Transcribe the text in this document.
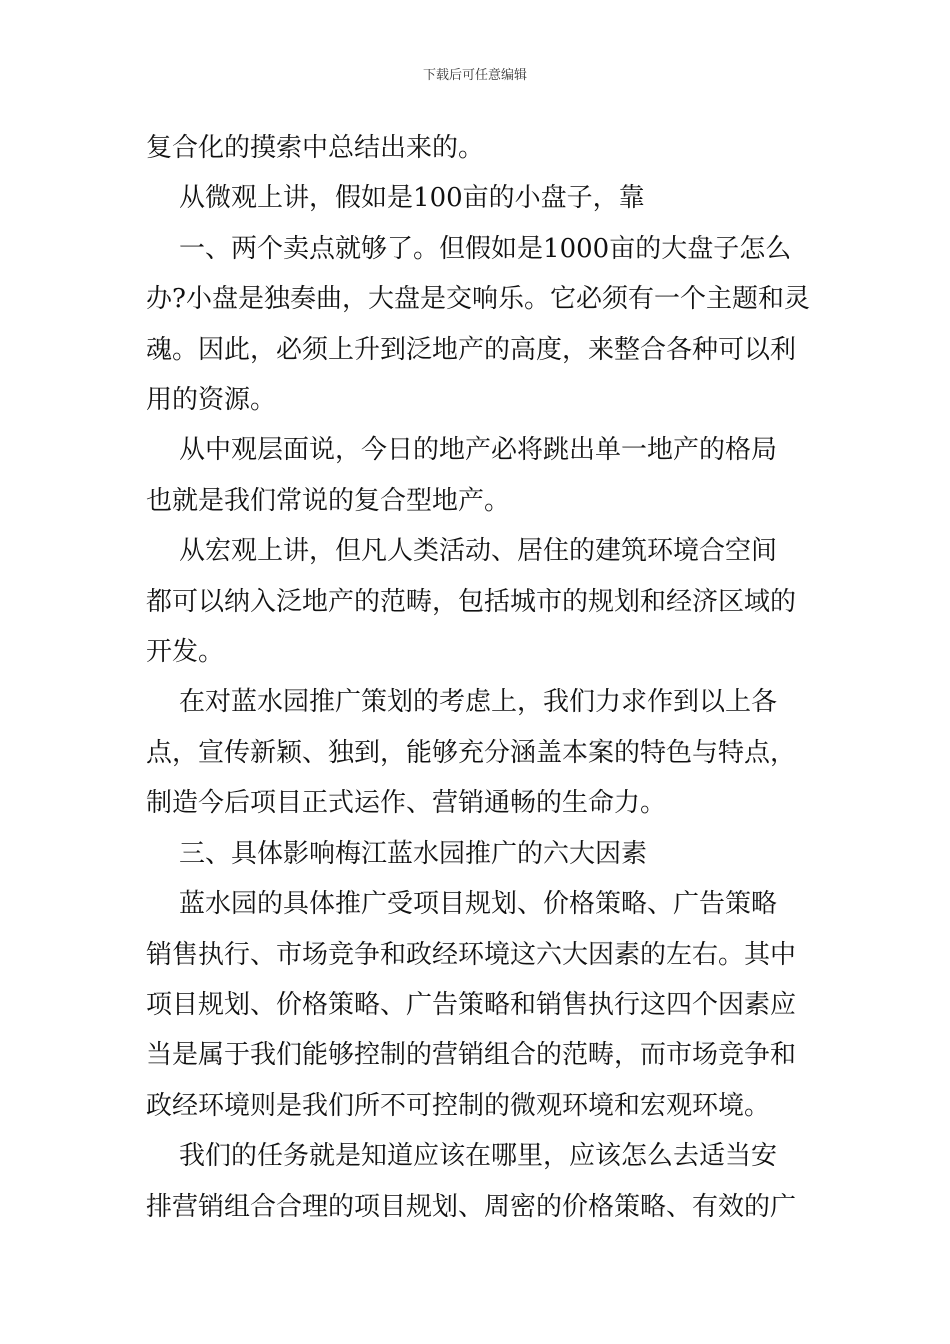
下载后可任意编辑

复合化的摸索中总结出来的。

从微观上讲，假如是100亩的小盘子，靠

一、两个卖点就够了。但假如是1000亩的大盘子怎么

办?小盘是独奏曲，大盘是交响乐。它必须有一个主题和灵

魂。因此，必须上升到泛地产的高度，来整合各种可以利

用的资源。

从中观层面说，今日的地产必将跳出单一地产的格局

也就是我们常说的复合型地产。

从宏观上讲，但凡人类活动、居住的建筑环境合空间

都可以纳入泛地产的范畴，包括城市的规划和经济区域的

开发。

在对蓝水园推广策划的考虑上，我们力求作到以上各

点，宣传新颖、独到，能够充分涵盖本案的特色与特点，

制造今后项目正式运作、营销通畅的生命力。

三、具体影响梅江蓝水园推广的六大因素

蓝水园的具体推广受项目规划、价格策略、广告策略

销售执行、市场竞争和政经环境这六大因素的左右。其中

项目规划、价格策略、广告策略和销售执行这四个因素应

当是属于我们能够控制的营销组合的范畴，而市场竞争和

政经环境则是我们所不可控制的微观环境和宏观环境。

我们的任务就是知道应该在哪里，应该怎么去适当安

排营销组合合理的项目规划、周密的价格策略、有效的广
